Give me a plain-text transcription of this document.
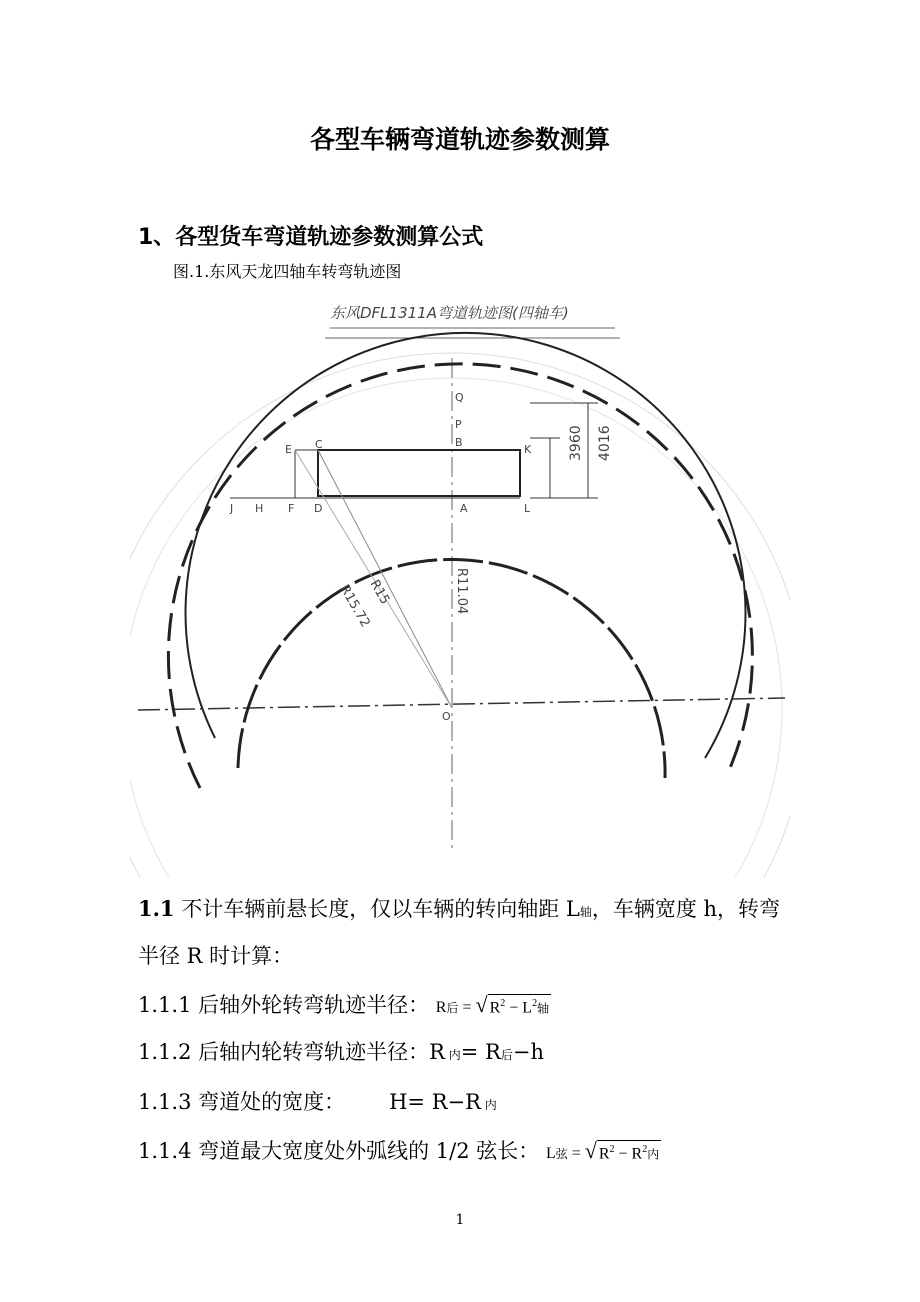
各型车辆弯道轨迹参数测算
1、各型货车弯道轨迹参数测算公式
图.1.东风天龙四轴车转弯轨迹图
东风DFL1311A弯道轨迹图(四轴车)
3960 4016
R15
R15.72	R11.04
Q
P
B
E C	K
A
J H F D	L
O
1.1 不计车辆前悬长度，仅以车辆的转向轴距 L轴，车辆宽度 h，转弯
半径 R 时计算：
1.1.1 后轴外轮转弯轨迹半径： R后 = √ $R^2 - L^2$轴
1.1.2 后轴内轮转弯轨迹半径：R 内= R后−h
1.1.3 弯道处的宽度： H= R−R 内
1.1.4 弯道最大宽度处外弧线的 1/2 弦长： L弦 = √ $R^2 - R^2$内
1
